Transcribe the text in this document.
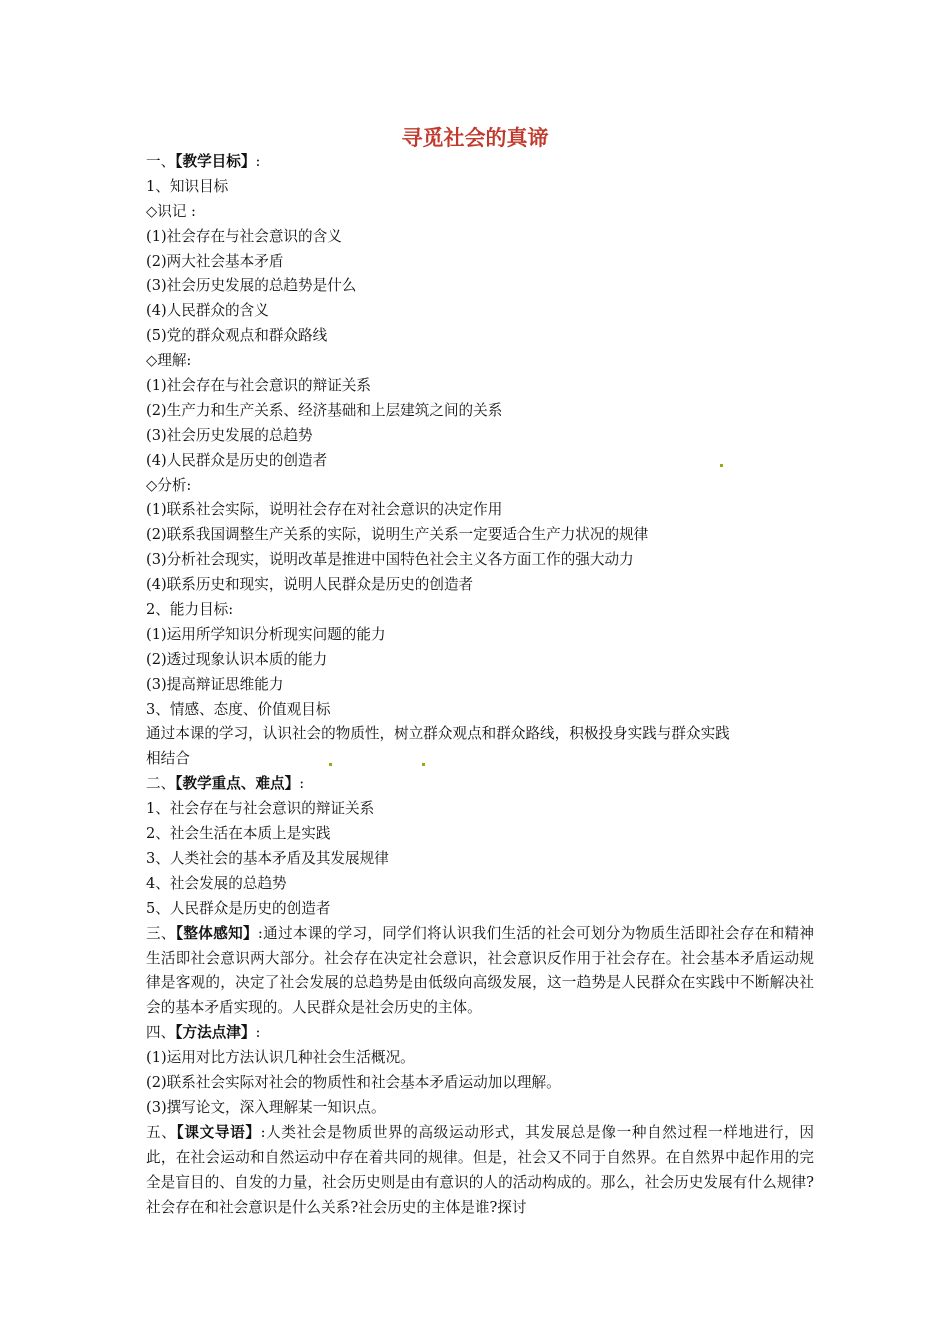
寻觅社会的真谛
一、【教学目标】:
1、知识目标
◇识记 :
(1)社会存在与社会意识的含义
(2)两大社会基本矛盾
(3)社会历史发展的总趋势是什么
(4)人民群众的含义
(5)党的群众观点和群众路线
◇理解:
(1)社会存在与社会意识的辩证关系
(2)生产力和生产关系、经济基础和上层建筑之间的关系
(3)社会历史发展的总趋势
(4)人民群众是历史的创造者
◇分析:
(1)联系社会实际，说明社会存在对社会意识的决定作用
(2)联系我国调整生产关系的实际，说明生产关系一定要适合生产力状况的规律
(3)分析社会现实，说明改革是推进中国特色社会主义各方面工作的强大动力
(4)联系历史和现实，说明人民群众是历史的创造者
2、能力目标:
(1)运用所学知识分析现实问题的能力
(2)透过现象认识本质的能力
(3)提高辩证思维能力
3、情感、态度、价值观目标
通过本课的学习，认识社会的物质性，树立群众观点和群众路线，积极投身实践与群众实践
相结合
二、【教学重点、难点】:
1、社会存在与社会意识的辩证关系
2、社会生活在本质上是实践
3、人类社会的基本矛盾及其发展规律
4、社会发展的总趋势
5、人民群众是历史的创造者
三、【整体感知】:通过本课的学习，同学们将认识我们生活的社会可划分为物质生活即社会存在和精神生活即社会意识两大部分。社会存在决定社会意识，社会意识反作用于社会存在。社会基本矛盾运动规律是客观的，决定了社会发展的总趋势是由低级向高级发展，这一趋势是人民群众在实践中不断解决社会的基本矛盾实现的。人民群众是社会历史的主体。
四、【方法点津】:
(1)运用对比方法认识几种社会生活概况。
(2)联系社会实际对社会的物质性和社会基本矛盾运动加以理解。
(3)撰写论文，深入理解某一知识点。
五、【课文导语】:人类社会是物质世界的高级运动形式，其发展总是像一种自然过程一样地进行，因此，在社会运动和自然运动中存在着共同的规律。但是，社会又不同于自然界。在自然界中起作用的完全是盲目的、自发的力量，社会历史则是由有意识的人的活动构成的。那么，社会历史发展有什么规律?社会存在和社会意识是什么关系?社会历史的主体是谁?探讨
